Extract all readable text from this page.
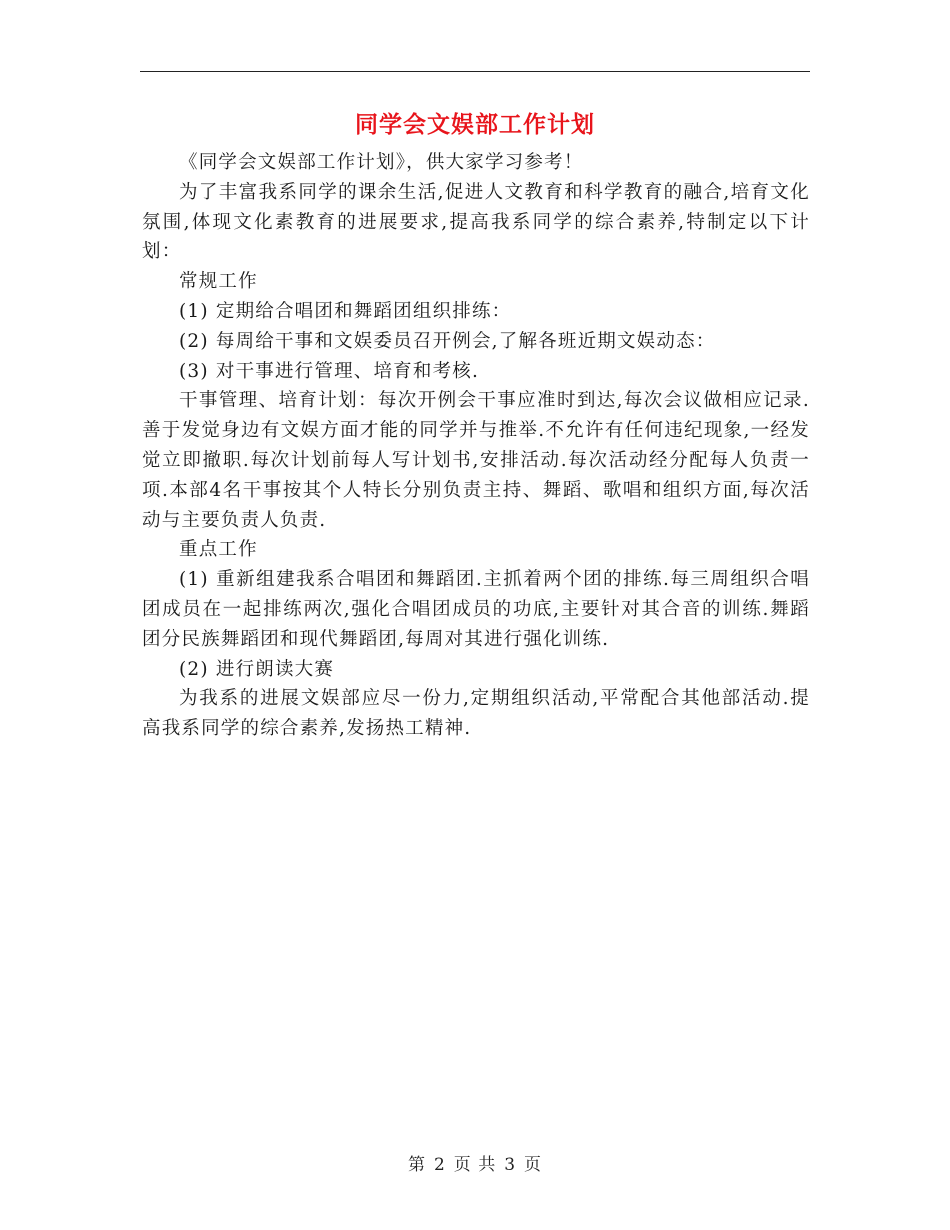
同学会文娱部工作计划

《同学会文娱部工作计划》，供大家学习参考！

为了丰富我系同学的课余生活,促进人文教育和科学教育的融合,培育文化氛围,体现文化素教育的进展要求,提高我系同学的综合素养,特制定以下计划：

常规工作

(1) 定期给合唱团和舞蹈团组织排练：

(2) 每周给干事和文娱委员召开例会,了解各班近期文娱动态：

(3) 对干事进行管理、培育和考核.

干事管理、培育计划：每次开例会干事应准时到达,每次会议做相应记录.善于发觉身边有文娱方面才能的同学并与推举.不允许有任何违纪现象,一经发觉立即撤职.每次计划前每人写计划书,安排活动.每次活动经分配每人负责一项.本部4名干事按其个人特长分别负责主持、舞蹈、歌唱和组织方面,每次活动与主要负责人负责.

重点工作

(1) 重新组建我系合唱团和舞蹈团.主抓着两个团的排练.每三周组织合唱团成员在一起排练两次,强化合唱团成员的功底,主要针对其合音的训练.舞蹈团分民族舞蹈团和现代舞蹈团,每周对其进行强化训练.

(2) 进行朗读大赛

为我系的进展文娱部应尽一份力,定期组织活动,平常配合其他部活动.提高我系同学的综合素养,发扬热工精神.

第 2 页 共 3 页
